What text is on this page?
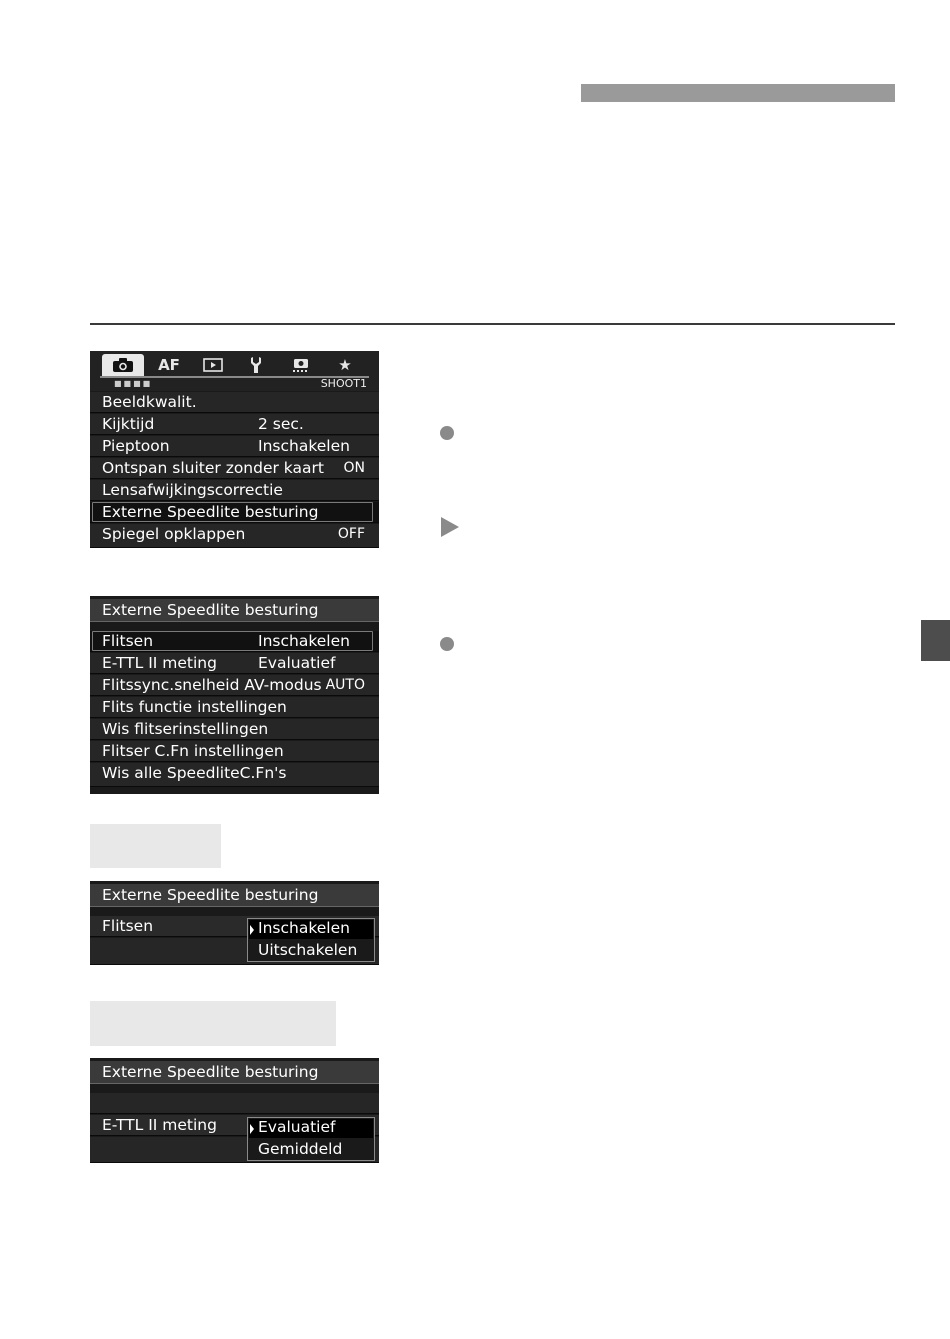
AF	★
■■■■	SHOOT1
Beeldkwalit.
Kijktijd	2 sec.
Pieptoon	Inschakelen
Ontspan sluiter zonder kaart ON
Lensafwijkingscorrectie
Externe Speedlite besturing
Spiegel opklappen	OFF
Externe Speedlite besturing
Flitsen	Inschakelen
E-TTL II meting	Evaluatief
Flitssync.snelheid AV-modus AUTO
Flits functie instellingen
Wis flitserinstellingen
Flitser C.Fn instellingen
Wis alle SpeedliteC.Fn's
Externe Speedlite besturing
Flitsen	Inschakelen
Uitschakelen
Externe Speedlite besturing
E-TTL II meting	Evaluatief
Gemiddeld
